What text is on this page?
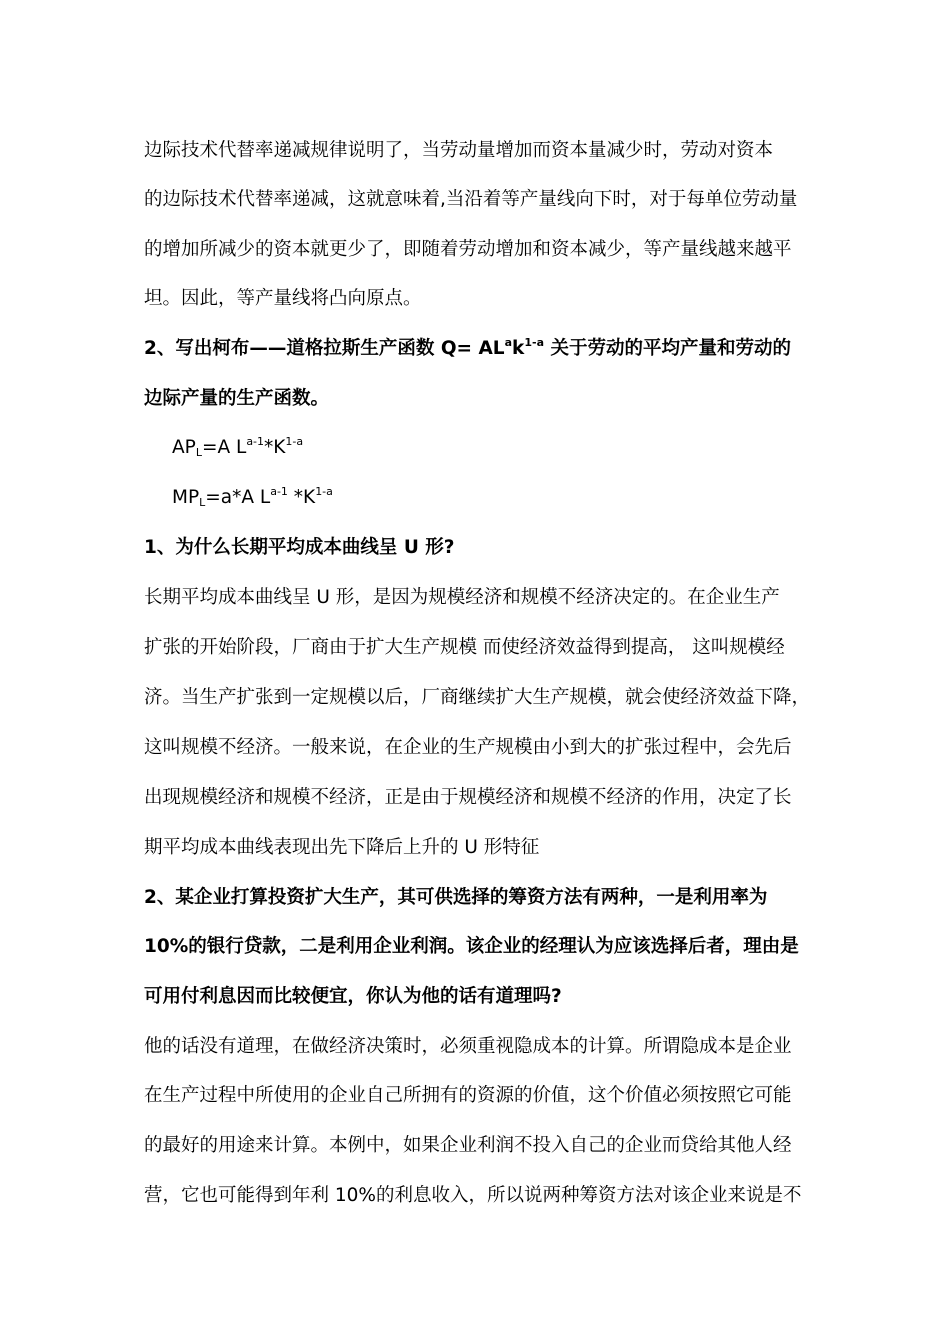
边际技术代替率递减规律说明了，当劳动量增加而资本量减少时，劳动对资本
的边际技术代替率递减，这就意味着,当沿着等产量线向下时，对于每单位劳动量
的增加所减少的资本就更少了，即随着劳动增加和资本减少，等产量线越来越平
坦。因此，等产量线将凸向原点。
2、写出柯布——道格拉斯生产函数 $Q= AL^ak^{1-a}$ 关于劳动的平均产量和劳动的
边际产量的生产函数。
$AP_L=A$ $L^{a-1}*K^{1-a}$
$MP_L=a*A$ $L^{a-1}$ $*K^{1-a}$
1、为什么长期平均成本曲线呈 U 形?
长期平均成本曲线呈 U 形，是因为规模经济和规模不经济决定的。在企业生产
扩张的开始阶段，厂商由于扩大生产规模 而使经济效益得到提高， 这叫规模经
济。当生产扩张到一定规模以后，厂商继续扩大生产规模，就会使经济效益下降，
这叫规模不经济。一般来说，在企业的生产规模由小到大的扩张过程中，会先后
出现规模经济和规模不经济，正是由于规模经济和规模不经济的作用，决定了长
期平均成本曲线表现出先下降后上升的 U 形特征
2、某企业打算投资扩大生产，其可供选择的筹资方法有两种，一是利用率为
10%的银行贷款，二是利用企业利润。该企业的经理认为应该选择后者，理由是
可用付利息因而比较便宜，你认为他的话有道理吗?
他的话没有道理，在做经济决策时，必须重视隐成本的计算。所谓隐成本是企业
在生产过程中所使用的企业自己所拥有的资源的价值，这个价值必须按照它可能
的最好的用途来计算。本例中，如果企业利润不投入自己的企业而贷给其他人经
营，它也可能得到年利 10%的利息收入，所以说两种筹资方法对该企业来说是不
